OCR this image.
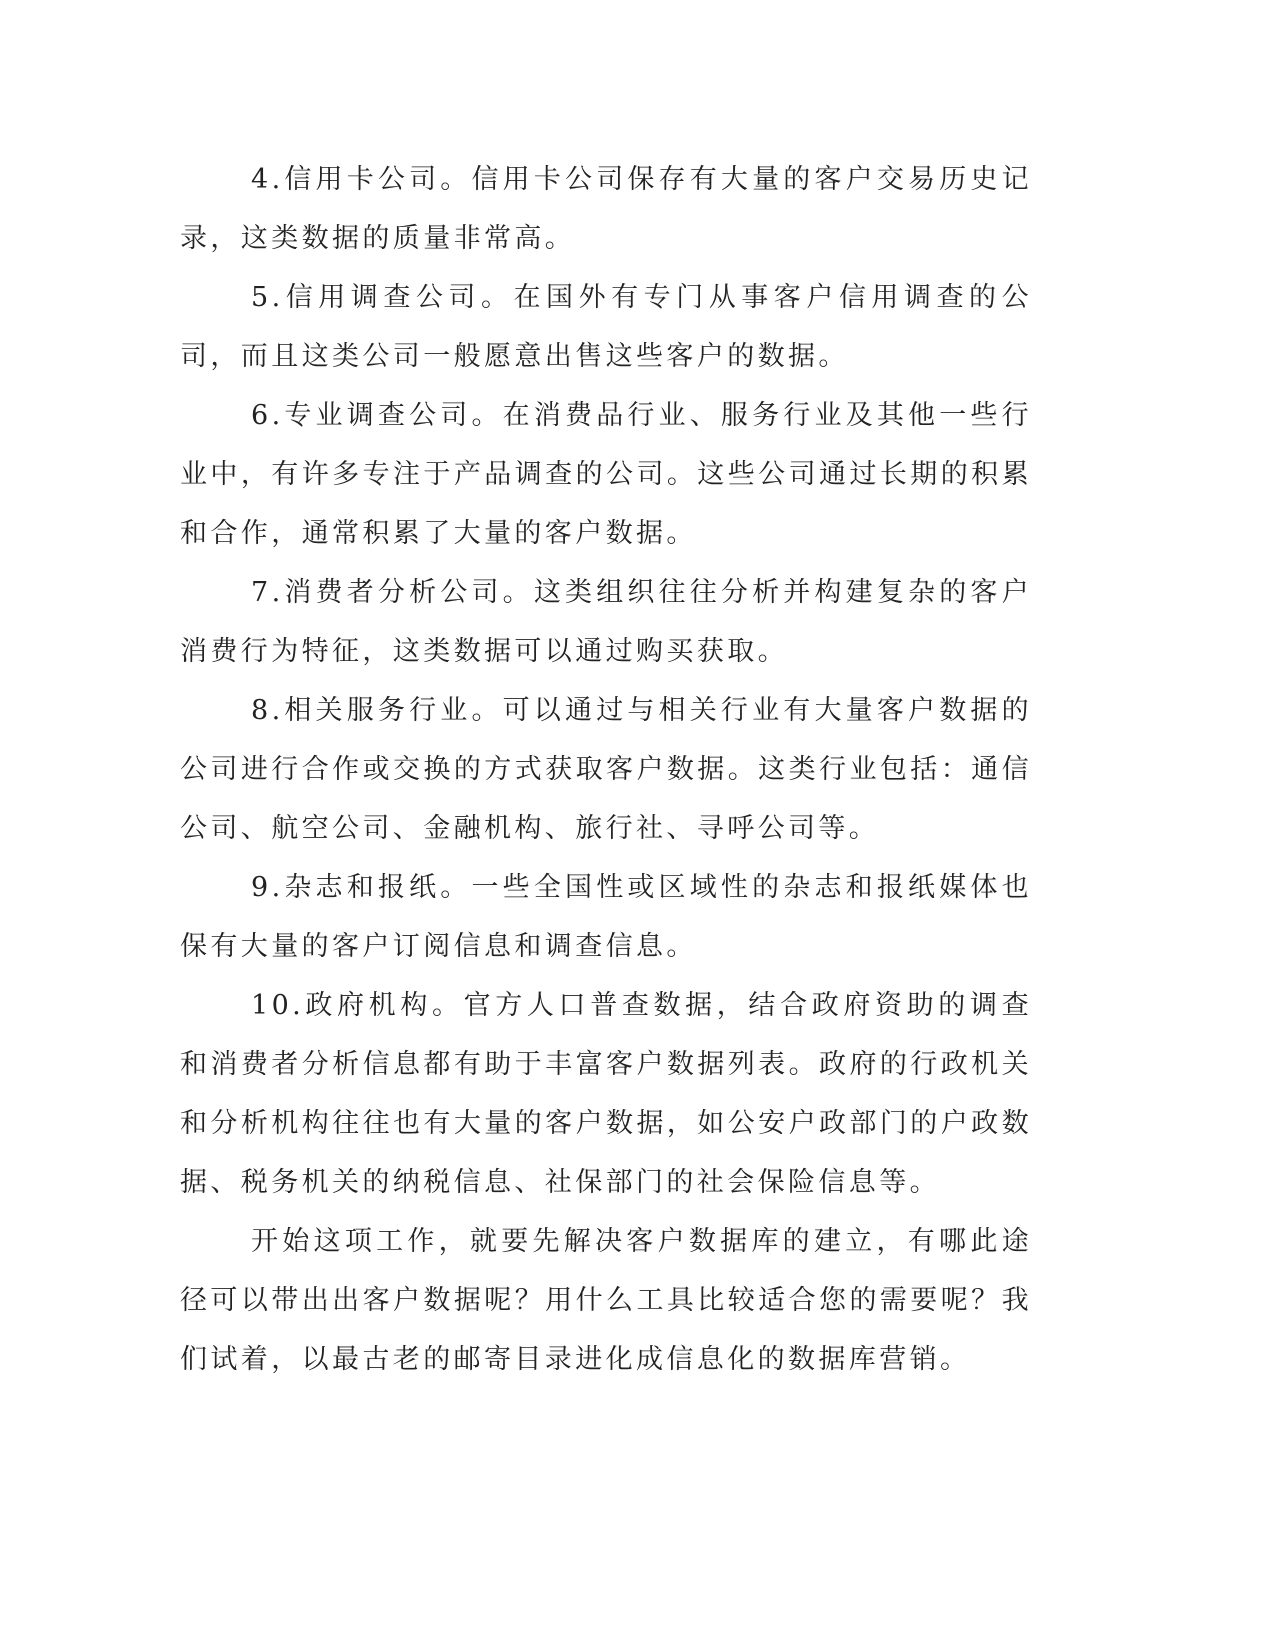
4.信用卡公司。信用卡公司保存有大量的客户交易历史记录，这类数据的质量非常高。

5.信用调查公司。在国外有专门从事客户信用调查的公司，而且这类公司一般愿意出售这些客户的数据。

6.专业调查公司。在消费品行业、服务行业及其他一些行业中，有许多专注于产品调查的公司。这些公司通过长期的积累和合作，通常积累了大量的客户数据。

7.消费者分析公司。这类组织往往分析并构建复杂的客户消费行为特征，这类数据可以通过购买获取。

8.相关服务行业。可以通过与相关行业有大量客户数据的公司进行合作或交换的方式获取客户数据。这类行业包括：通信公司、航空公司、金融机构、旅行社、寻呼公司等。

9.杂志和报纸。一些全国性或区域性的杂志和报纸媒体也保有大量的客户订阅信息和调查信息。

10.政府机构。官方人口普查数据，结合政府资助的调查和消费者分析信息都有助于丰富客户数据列表。政府的行政机关和分析机构往往也有大量的客户数据，如公安户政部门的户政数据、税务机关的纳税信息、社保部门的社会保险信息等。

开始这项工作，就要先解决客户数据库的建立，有哪此途径可以带出出客户数据呢？用什么工具比较适合您的需要呢？我们试着，以最古老的邮寄目录进化成信息化的数据库营销。
